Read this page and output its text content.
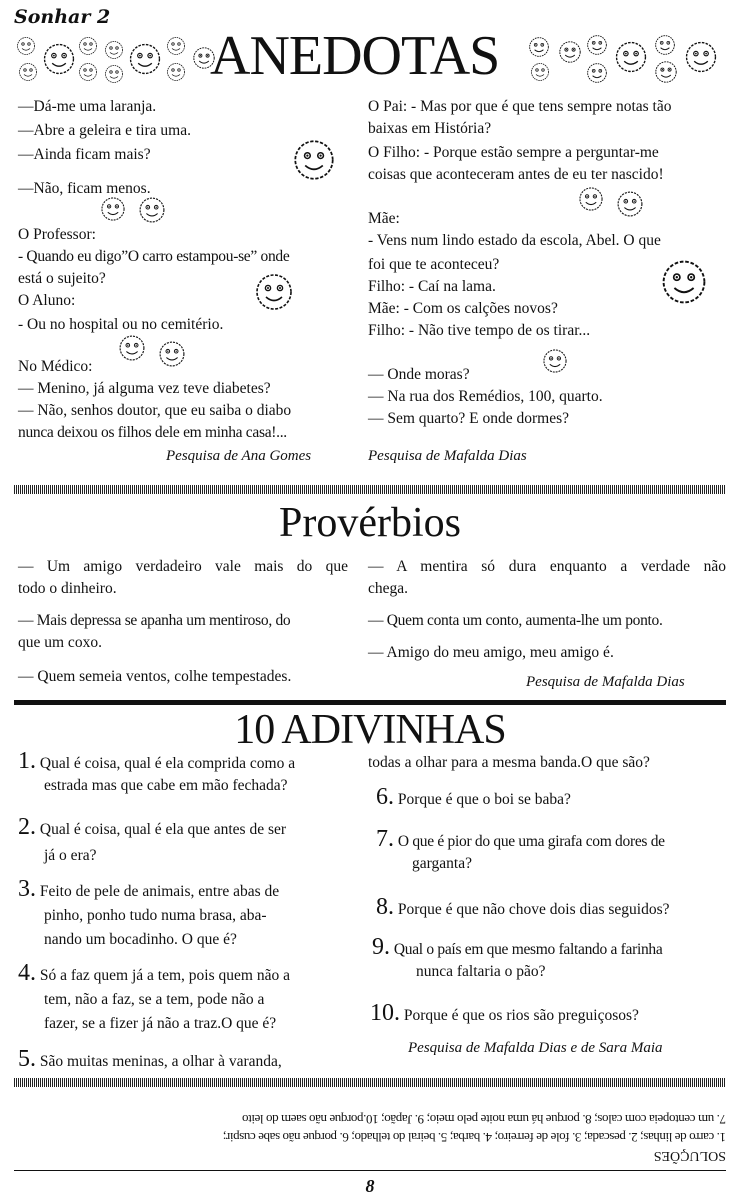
Sonhar 2
ANEDOTAS
—Dá-me uma laranja.
—Abre a geleira e tira uma.
—Ainda ficam mais?
—Não, ficam menos.
O Professor:
- Quando eu digo”O carro estampou-se” onde
está o sujeito?
O Aluno:
- Ou no hospital ou no cemitério.
No Médico:
— Menino, já alguma vez teve diabetes?
— Não, senhos doutor, que eu saiba o diabo
nunca deixou os filhos dele em minha casa!...
Pesquisa de Ana Gomes
O Pai: - Mas por que é que tens sempre notas tão
baixas em História?
O Filho: - Porque estão sempre a perguntar-me
coisas que aconteceram antes de eu ter nascido!
Mãe:
- Vens num lindo estado da escola, Abel. O que
foi que te aconteceu?
Filho: - Caí na lama.
Mãe: - Com os calções novos?
Filho: - Não tive tempo de os tirar...
— Onde moras?
— Na rua dos Remédios, 100, quarto.
— Sem quarto? E onde dormes?
Pesquisa de Mafalda Dias
Provérbios
— Um amigo verdadeiro vale mais do que
todo o dinheiro.
— Mais depressa se apanha um mentiroso, do
que um coxo.
— Quem semeia ventos, colhe tempestades.
— A mentira só dura enquanto a verdade não
chega.
— Quem conta um conto, aumenta-lhe um ponto.
— Amigo do meu amigo, meu amigo é.
Pesquisa de Mafalda Dias
10 ADIVINHAS
1. Qual é coisa, qual é ela comprida como a

estrada mas que cabe em mão fechada?

2. Qual é coisa, qual é ela que antes de ser

já o era?

3. Feito de pele de animais, entre abas de

pinho, ponho tudo numa brasa, aba-

nando um bocadinho. O que é?

4. Só a faz quem já a tem, pois quem não a

tem, não a faz, se a tem, pode não a

fazer, se a fizer já não a traz.O que é?

5. São muitas meninas, a olhar à varanda,
todas a olhar para a mesma banda.O que são?
6. Porque é que o boi se baba?
7. O que é pior do que uma girafa com dores de

garganta?

8. Porque é que não chove dois dias seguidos?
9. Qual o país em que mesmo faltando a farinha

nunca faltaria o pão?

10. Porque é que os rios são preguiçosos?
Pesquisa de Mafalda Dias e de Sara Maia
SOLUÇÕES
1. carro de linhas; 2. pescada; 3. fole de ferreiro; 4. barba; 5. beiral do telhado; 6. porque não sabe cuspir;
7. um centopeia com calos; 8. porque há uma noite pelo meio; 9. Japão; 10.porque não saem do leito
8
